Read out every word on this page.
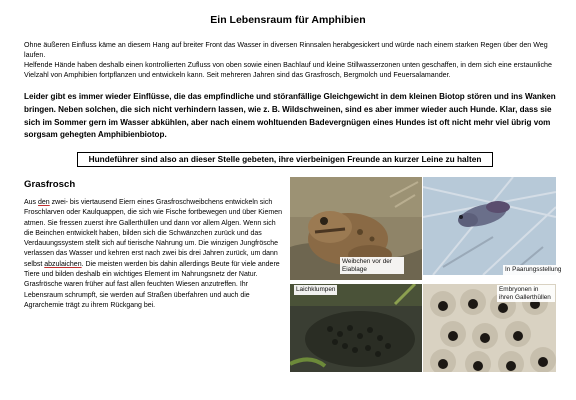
Ein Lebensraum für Amphibien

Ohne äußeren Einfluss käme an diesem Hang auf breiter Front das Wasser in diversen Rinnsalen herabgesickert und würde nach einem starken Regen über den Weg laufen.

Helfende Hände haben deshalb einen kontrollierten Zufluss von oben sowie einen Bachlauf und kleine Stillwasserzonen unten geschaffen, in dem sich eine erstaunliche Vielzahl von Amphibien fortpflanzen und entwickeln kann. Seit mehreren Jahren sind das Grasfrosch, Bergmolch und Feuersalamander.

Leider gibt es immer wieder Einflüsse, die das empfindliche und störanfällige Gleichgewicht in dem kleinen Biotop stören und ins Wanken bringen. Neben solchen, die sich nicht verhindern lassen, wie z. B. Wildschweinen, sind es aber immer wieder auch Hunde. Klar, dass sie sich im Sommer gern im Wasser abkühlen, aber nach einem wohltuenden Badevergnügen eines Hundes ist oft nicht mehr viel übrig vom sorgsam gehegten Amphibienbiotop.
Hundeführer sind also an dieser Stelle gebeten, ihre vierbeinigen Freunde an kurzer Leine zu halten
Grasfrosch

Aus den zwei- bis viertausend Eiern eines Grasfroschweibchens entwickeln sich Froschlarven oder Kaulquappen, die sich wie Fische fortbewegen und über Kiemen atmen. Sie fressen zuerst ihre Gallerthüllen und dann vor allem Algen. Wenn sich die Beinchen entwickelt haben, bilden sich die Schwänzchen zurück und das Verdauungssystem stellt sich auf tierische Nahrung um. Die winzigen Jungfrösche verlassen das Wasser und kehren erst nach zwei bis drei Jahren zurück, um dann selbst abzulaichen. Die meisten werden bis dahin allerdings Beute für viele andere Tiere und bilden deshalb ein wichtiges Element im Nahrungsnetz der Natur.

Grasfrösche waren früher auf fast allen feuchten Wiesen anzutreffen. Ihr Lebensraum schrumpft, sie werden auf Straßen überfahren und auch die Agrarchemie trägt zu ihrem Rückgang bei.

Weibchen vor der Eiablage	In Paarungsstellung
Laichklumpen	Embryonen in ihren Gallerthüllen
